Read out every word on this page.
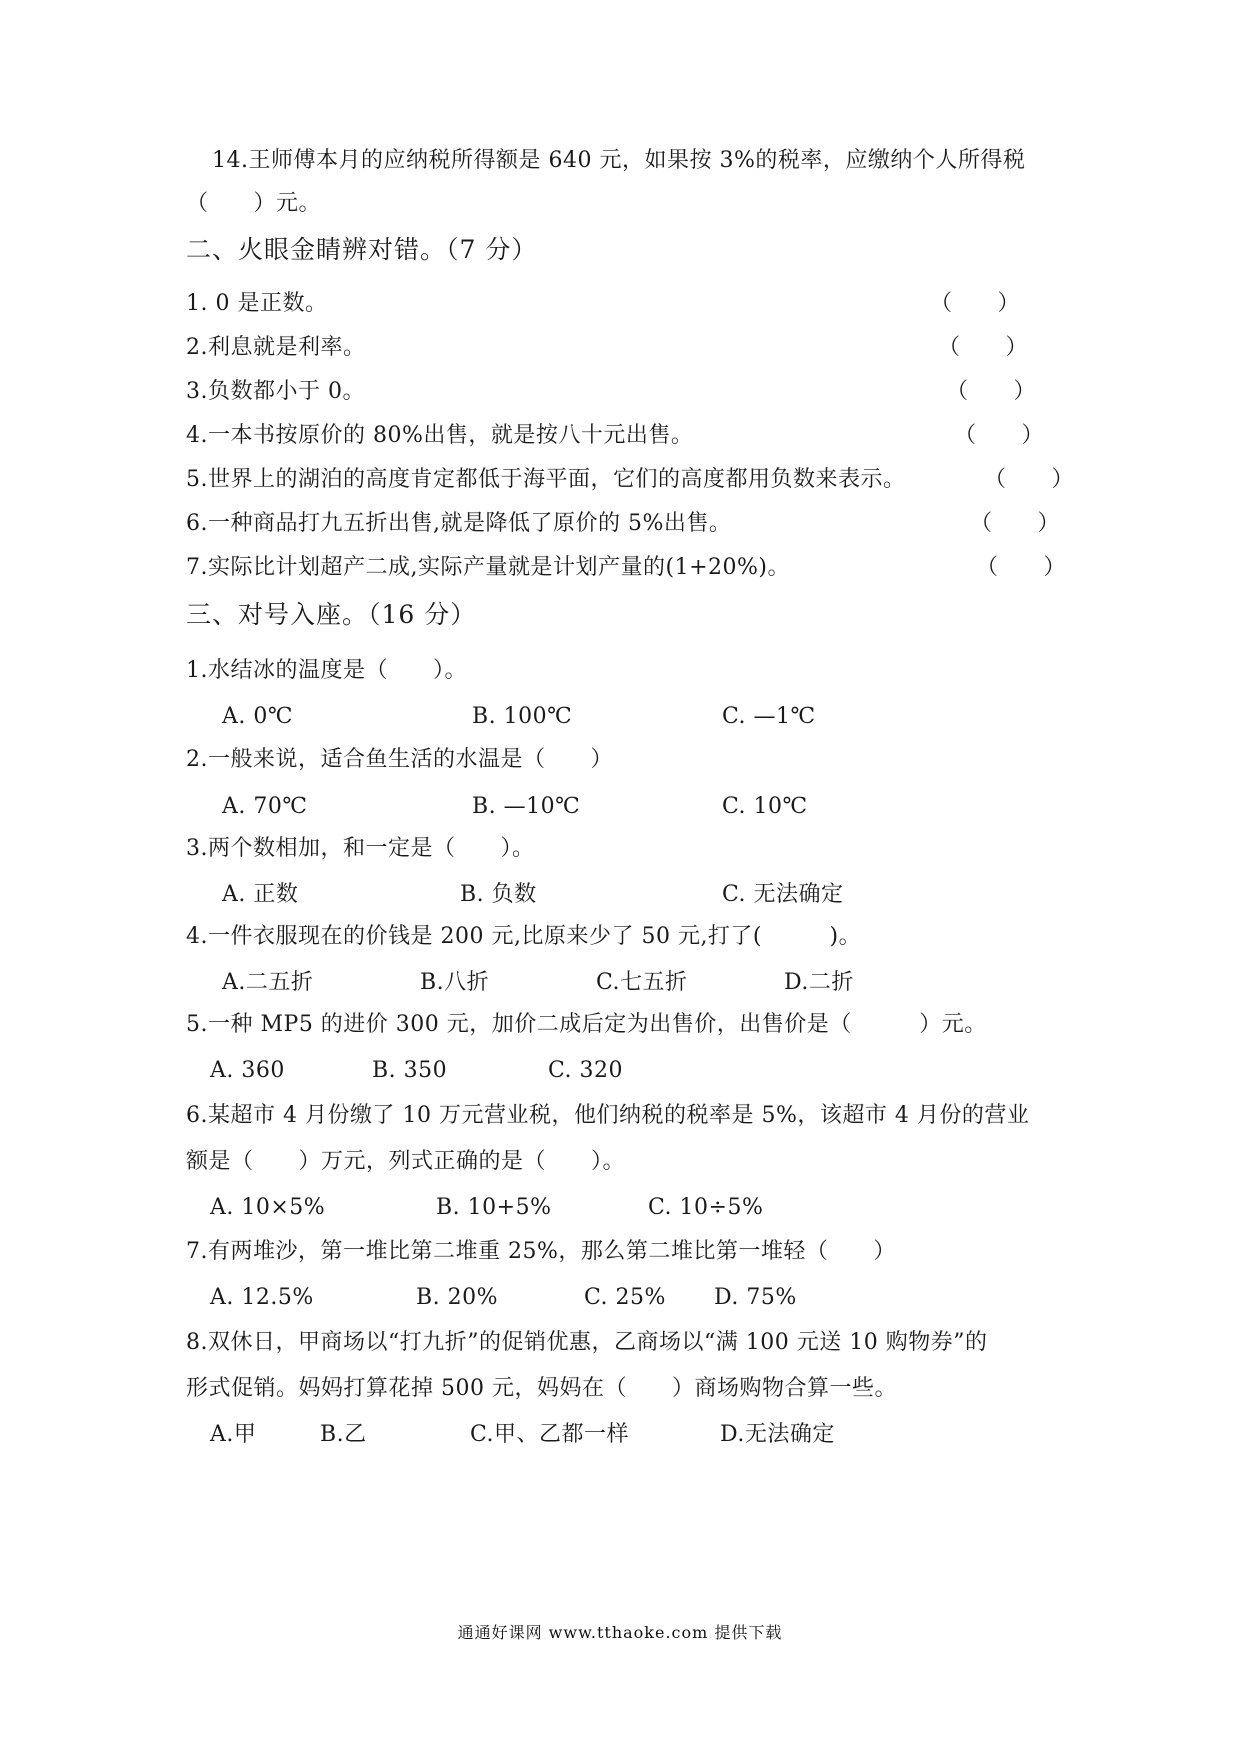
14.王师傅本月的应纳税所得额是 640 元，如果按 3%的税率，应缴纳个人所得税
（　　）元。
二、火眼金睛辨对错。（7 分）
1. 0 是正数。	（　　）
2.利息就是利率。	（　　）
3.负数都小于 0。	（　　）
4.一本书按原价的 80%出售，就是按八十元出售。	（　　）
5.世界上的湖泊的高度肯定都低于海平面，它们的高度都用负数来表示。	（　　）
6.一种商品打九五折出售,就是降低了原价的 5%出售。	（　　）
7.实际比计划超产二成,实际产量就是计划产量的(1+20%)。	（　　）
三、对号入座。（16 分）
1.水结冰的温度是（　　）。
A. 0℃	B. 100℃	C. —1℃
2.一般来说，适合鱼生活的水温是（　　）
A. 70℃	B. —10℃	C. 10℃
3.两个数相加，和一定是（　　）。
A. 正数	B. 负数	C. 无法确定
4.一件衣服现在的价钱是 200 元,比原来少了 50 元,打了(　　　)。
A.二五折	B.八折	C.七五折	D.二折
5.一种 MP5 的进价 300 元，加价二成后定为出售价，出售价是（　　　）元。
A. 360	B. 350	C. 320
6.某超市 4 月份缴了 10 万元营业税，他们纳税的税率是 5%，该超市 4 月份的营业
额是（　　）万元，列式正确的是（　　）。
A. 10×5%	B. 10+5%	C. 10÷5%
7.有两堆沙，第一堆比第二堆重 25%，那么第二堆比第一堆轻（　　）
A. 12.5%	B. 20%	C. 25% D. 75%
8.双休日，甲商场以“打九折”的促销优惠，乙商场以“满 100 元送 10 购物券”的
形式促销。妈妈打算花掉 500 元，妈妈在（　　）商场购物合算一些。
A.甲	B.乙	C.甲、乙都一样	D.无法确定
通通好课网 www.tthaoke.com 提供下载
